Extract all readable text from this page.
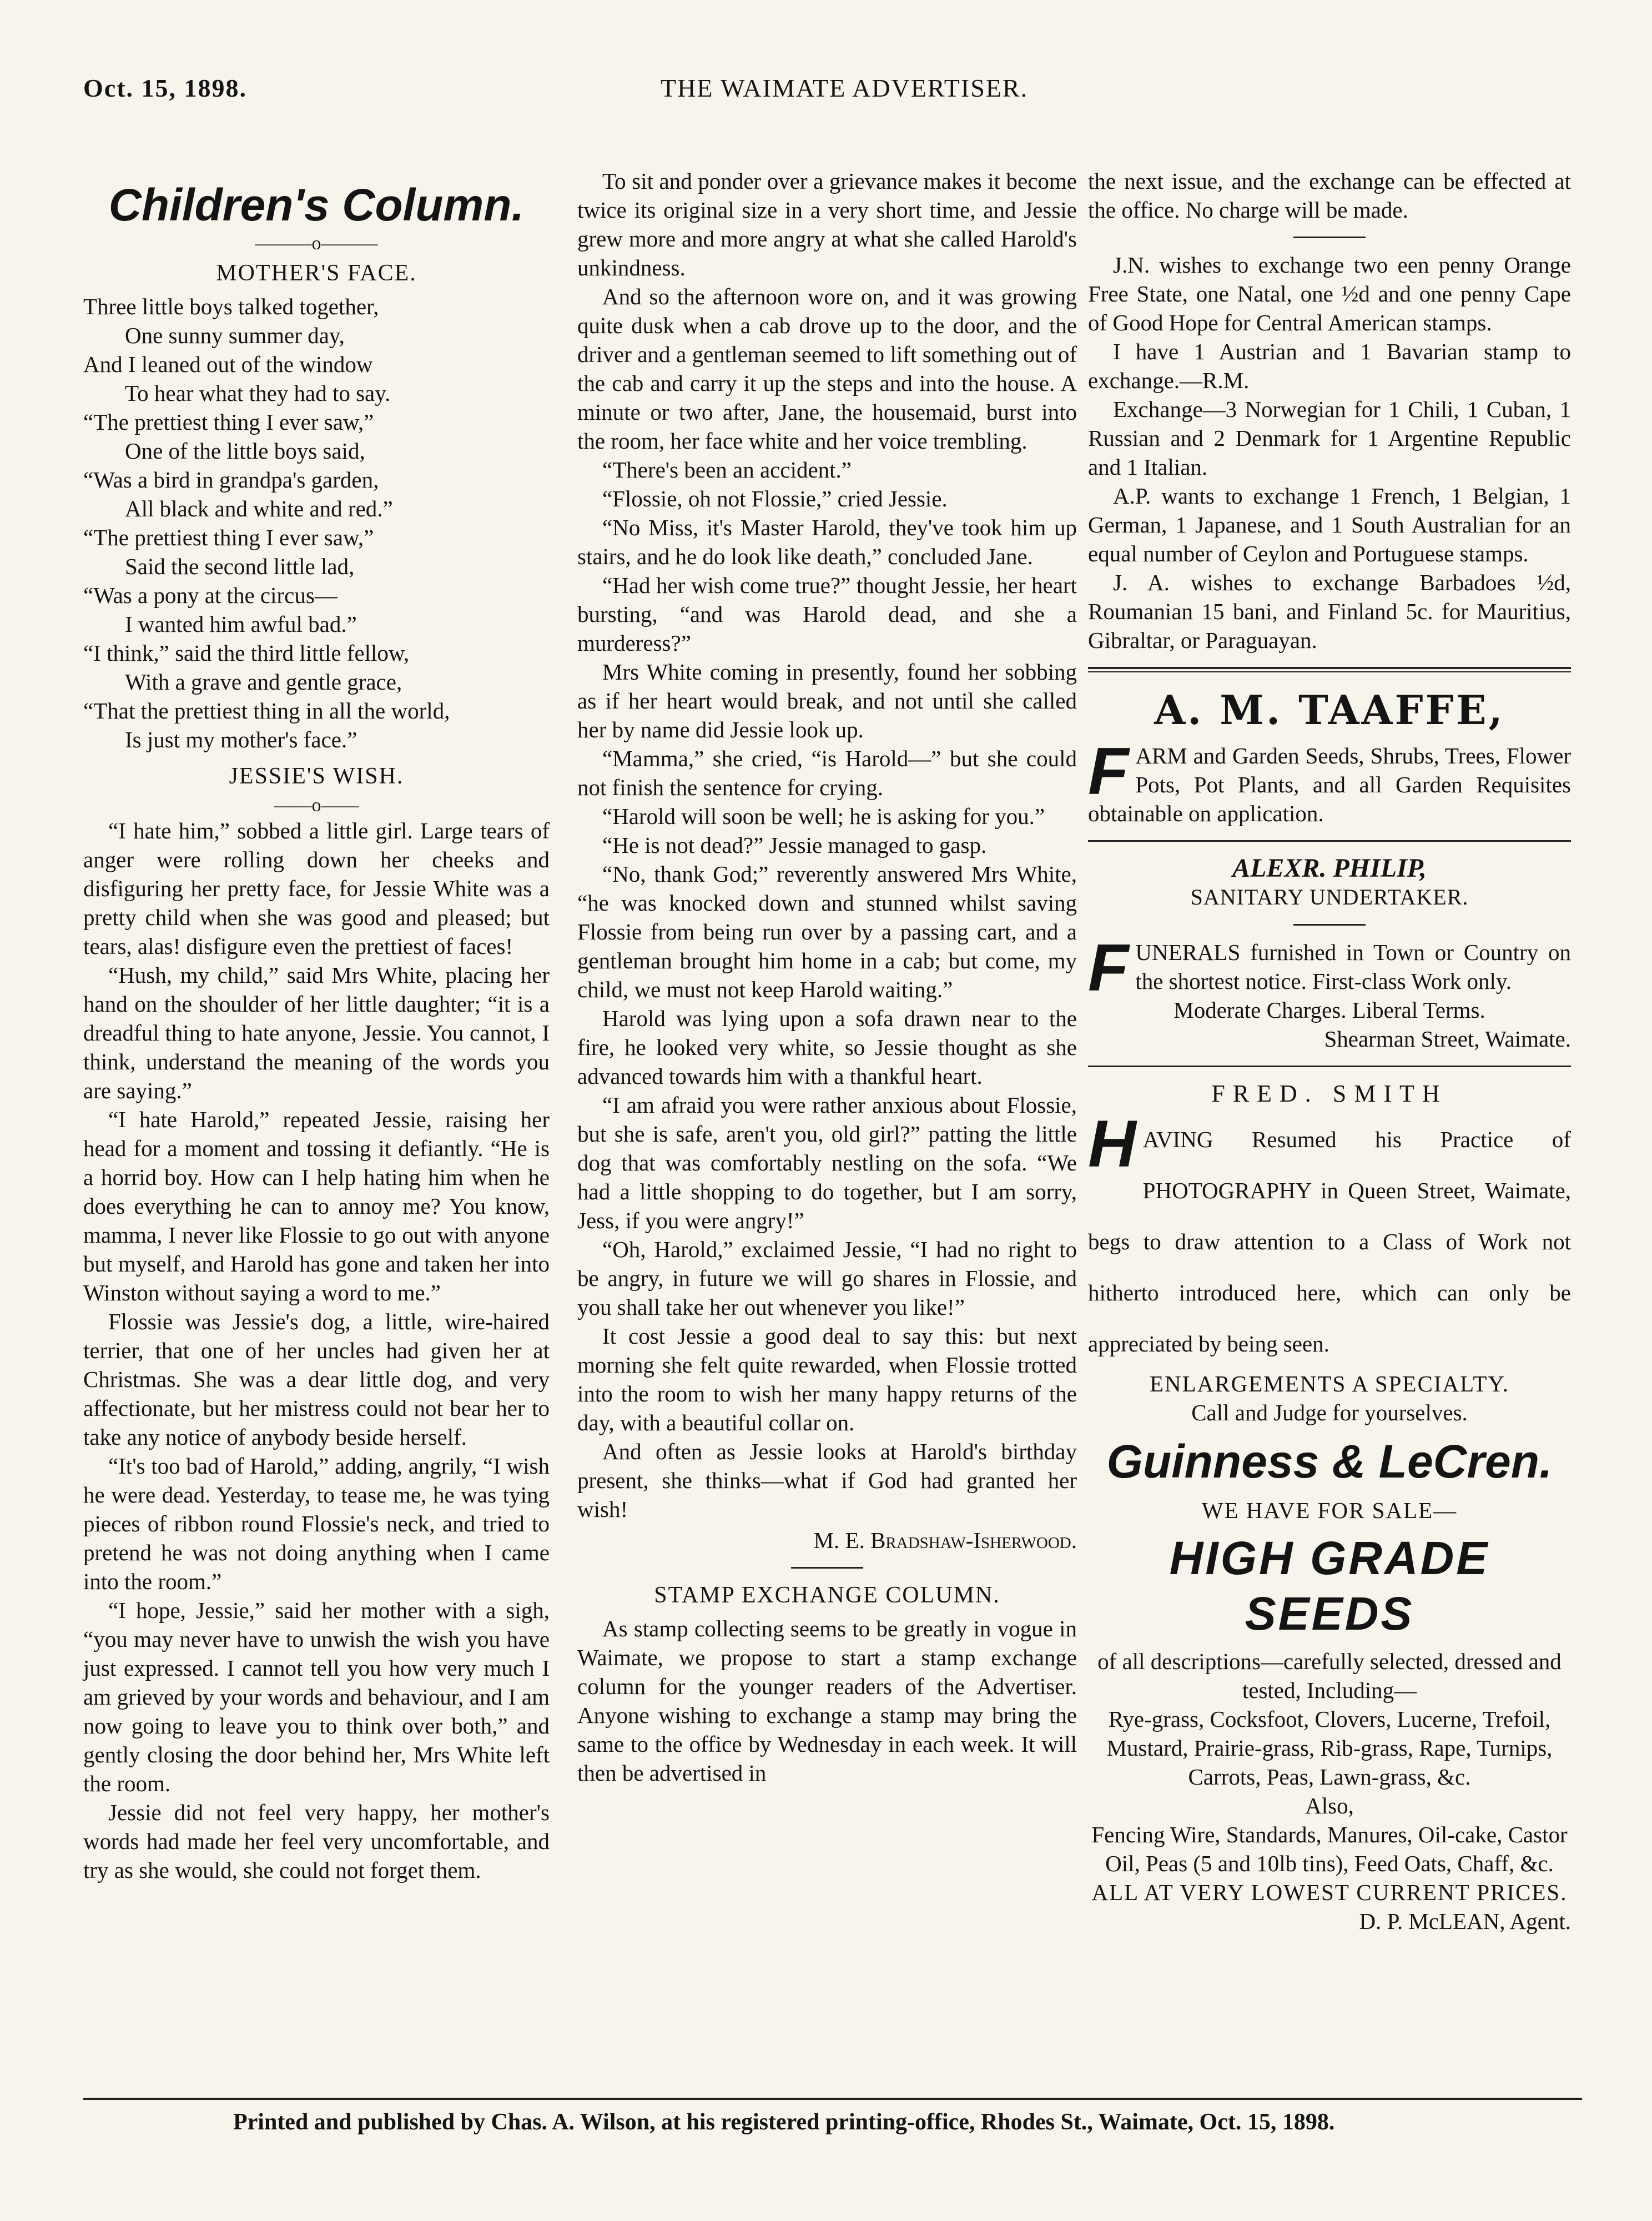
Oct. 15, 1898.	THE WAIMATE ADVERTISER.
Children's Column.
———o———
MOTHER'S FACE.
Three little boys talked together,
One sunny summer day,
And I leaned out of the window
To hear what they had to say.
“The prettiest thing I ever saw,”
One of the little boys said,
“Was a bird in grandpa's garden,
All black and white and red.”
“The prettiest thing I ever saw,”
Said the second little lad,
“Was a pony at the circus—
I wanted him awful bad.”
“I think,” said the third little fellow,
With a grave and gentle grace,
“That the prettiest thing in all the world,
Is just my mother's face.”
JESSIE'S WISH.
——o——

“I hate him,” sobbed a little girl. Large tears of anger were rolling down her cheeks and disfiguring her pretty face, for Jessie White was a pretty child when she was good and pleased; but tears, alas! disfigure even the prettiest of faces!

“Hush, my child,” said Mrs White, placing her hand on the shoulder of her little daughter; “it is a dreadful thing to hate anyone, Jessie. You cannot, I think, understand the meaning of the words you are saying.”

“I hate Harold,” repeated Jessie, raising her head for a moment and tossing it defiantly. “He is a horrid boy. How can I help hating him when he does everything he can to annoy me? You know, mamma, I never like Flossie to go out with anyone but myself, and Harold has gone and taken her into Winston without saying a word to me.”

Flossie was Jessie's dog, a little, wire-haired terrier, that one of her uncles had given her at Christmas. She was a dear little dog, and very affectionate, but her mistress could not bear her to take any notice of anybody beside herself.

“It's too bad of Harold,” adding, angrily, “I wish he were dead. Yesterday, to tease me, he was tying pieces of ribbon round Flossie's neck, and tried to pretend he was not doing anything when I came into the room.”

“I hope, Jessie,” said her mother with a sigh, “you may never have to unwish the wish you have just expressed. I cannot tell you how very much I am grieved by your words and behaviour, and I am now going to leave you to think over both,” and gently closing the door behind her, Mrs White left the room.

Jessie did not feel very happy, her mother's words had made her feel very uncomfortable, and try as she would, she could not forget them.

To sit and ponder over a grievance makes it become twice its original size in a very short time, and Jessie grew more and more angry at what she called Harold's unkindness.

And so the afternoon wore on, and it was growing quite dusk when a cab drove up to the door, and the driver and a gentleman seemed to lift something out of the cab and carry it up the steps and into the house. A minute or two after, Jane, the housemaid, burst into the room, her face white and her voice trembling.

“There's been an accident.”

“Flossie, oh not Flossie,” cried Jessie.

“No Miss, it's Master Harold, they've took him up stairs, and he do look like death,” concluded Jane.

“Had her wish come true?” thought Jessie, her heart bursting, “and was Harold dead, and she a murderess?”

Mrs White coming in presently, found her sobbing as if her heart would break, and not until she called her by name did Jessie look up.

“Mamma,” she cried, “is Harold—” but she could not finish the sentence for crying.

“Harold will soon be well; he is asking for you.”

“He is not dead?” Jessie managed to gasp.

“No, thank God;” reverently answered Mrs White, “he was knocked down and stunned whilst saving Flossie from being run over by a passing cart, and a gentleman brought him home in a cab; but come, my child, we must not keep Harold waiting.”

Harold was lying upon a sofa drawn near to the fire, he looked very white, so Jessie thought as she advanced towards him with a thankful heart.

“I am afraid you were rather anxious about Flossie, but she is safe, aren't you, old girl?” patting the little dog that was comfortably nestling on the sofa. “We had a little shopping to do together, but I am sorry, Jess, if you were angry!”

“Oh, Harold,” exclaimed Jessie, “I had no right to be angry, in future we will go shares in Flossie, and you shall take her out whenever you like!”

It cost Jessie a good deal to say this: but next morning she felt quite rewarded, when Flossie trotted into the room to wish her many happy returns of the day, with a beautiful collar on.

And often as Jessie looks at Harold's birthday present, she thinks—what if God had granted her wish!

M. E. Bradshaw-Isherwood.
STAMP EXCHANGE COLUMN.

As stamp collecting seems to be greatly in vogue in Waimate, we propose to start a stamp exchange column for the younger readers of the Advertiser. Anyone wishing to exchange a stamp may bring the same to the office by Wednesday in each week. It will then be advertised in

the next issue, and the exchange can be effected at the office. No charge will be made.

J.N. wishes to exchange two een penny Orange Free State, one Natal, one ½d and one penny Cape of Good Hope for Central American stamps.

I have 1 Austrian and 1 Bavarian stamp to exchange.—R.M.

Exchange—3 Norwegian for 1 Chili, 1 Cuban, 1 Russian and 2 Denmark for 1 Argentine Republic and 1 Italian.

A.P. wants to exchange 1 French, 1 Belgian, 1 German, 1 Japanese, and 1 South Australian for an equal number of Ceylon and Portuguese stamps.

J. A. wishes to exchange Barbadoes ½d, Roumanian 15 bani, and Finland 5c. for Mauritius, Gibraltar, or Paraguayan.

A. M. TAAFFE,

FARM and Garden Seeds, Shrubs, Trees, Flower Pots, Pot Plants, and all Garden Requisites obtainable on application.

ALEXR. PHILIP,
SANITARY UNDERTAKER.

FUNERALS furnished in Town or Country on the shortest notice. First-class Work only.

Moderate Charges. Liberal Terms.
Shearman Street, Waimate.
FRED. SMITH

HAVING Resumed his Practice of PHOTOGRAPHY in Queen Street, Waimate, begs to draw attention to a Class of Work not hitherto introduced here, which can only be appreciated by being seen.

ENLARGEMENTS A SPECIALTY.
Call and Judge for yourselves.
Guinness & LeCren.
WE HAVE FOR SALE—
HIGH GRADE SEEDS
of all descriptions—carefully selected, dressed and tested, Including—
Rye-grass, Cocksfoot, Clovers, Lucerne, Trefoil, Mustard, Prairie-grass, Rib-grass, Rape, Turnips, Carrots, Peas, Lawn-grass, &c.
Also,
Fencing Wire, Standards, Manures, Oil-cake, Castor Oil, Peas (5 and 10lb tins), Feed Oats, Chaff, &c.
ALL AT VERY LOWEST CURRENT PRICES.
D. P. McLEAN, Agent.
Printed and published by Chas. A. Wilson, at his registered printing-office, Rhodes St., Waimate, Oct. 15, 1898.
